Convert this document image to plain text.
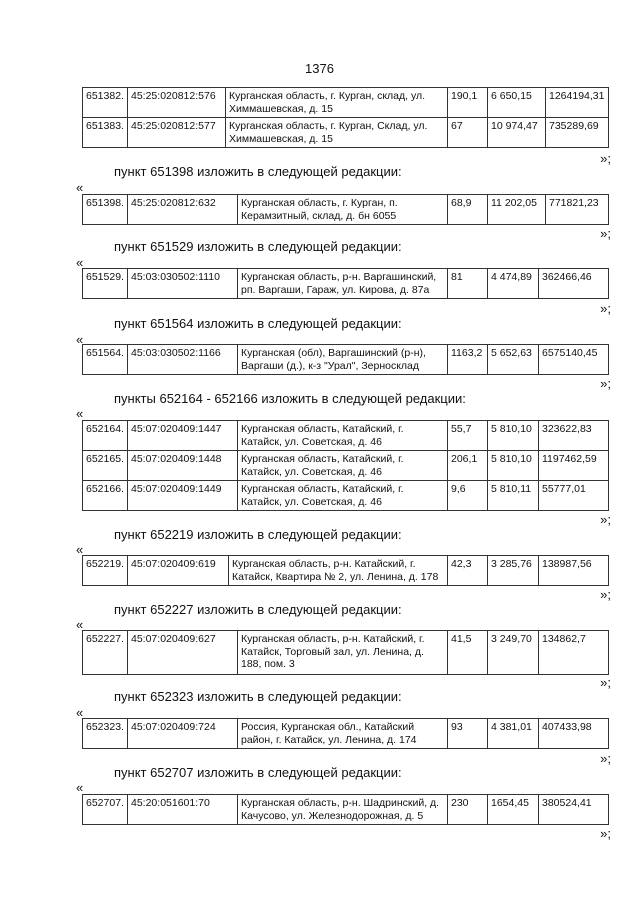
1376
651382.	45:25:020812:576	Курганская область, г. Курган, склад, ул. Химмашевская, д. 15	190,1	6 650,15	1264194,31
651383.	45:25:020812:577	Курганская область, г. Курган, Склад, ул. Химмашевская, д. 15	67	10 974,47	735289,69
»;
пункт 651398 изложить в следующей редакции:
«
651398.	45:25:020812:632	Курганская область, г. Курган, п. Керамзитный, склад, д. бн 6055	68,9	11 202,05	771821,23
»;
пункт 651529 изложить в следующей редакции:
«
651529.	45:03:030502:1110	Курганская область, р-н. Варгашинский, рп. Варгаши, Гараж, ул. Кирова, д. 87а	81	4 474,89	362466,46
»;
пункт 651564 изложить в следующей редакции:
«
651564.	45:03:030502:1166	Курганская (обл), Варгашинский (р-н), Варгаши (д.), к-з "Урал", Зерносклад	1163,2	5 652,63	6575140,45
»;
пункты 652164 - 652166 изложить в следующей редакции:
«
652164.	45:07:020409:1447	Курганская область, Катайский, г. Катайск, ул. Советская, д. 46	55,7	5 810,10	323622,83
652165.	45:07:020409:1448	Курганская область, Катайский, г. Катайск, ул. Советская, д. 46	206,1	5 810,10	1197462,59
652166.	45:07:020409:1449	Курганская область, Катайский, г. Катайск, ул. Советская, д. 46	9,6	5 810,11	55777,01
»;
пункт 652219 изложить в следующей редакции:
«
652219.	45:07:020409:619	Курганская область, р-н. Катайский, г. Катайск, Квартира № 2, ул. Ленина, д. 178	42,3	3 285,76	138987,56
»;
пункт 652227 изложить в следующей редакции:
«
652227.	45:07:020409:627	Курганская область, р-н. Катайский, г. Катайск, Торговый зал, ул. Ленина, д. 188, пом. 3	41,5	3 249,70	134862,7
»;
пункт 652323 изложить в следующей редакции:
«
652323.	45:07:020409:724	Россия, Курганская обл., Катайский район, г. Катайск, ул. Ленина, д. 174	93	4 381,01	407433,98
»;
пункт 652707 изложить в следующей редакции:
«
652707.	45:20:051601:70	Курганская область, р-н. Шадринский, д. Качусово, ул. Железнодорожная, д. 5	230	1654,45	380524,41
»;
